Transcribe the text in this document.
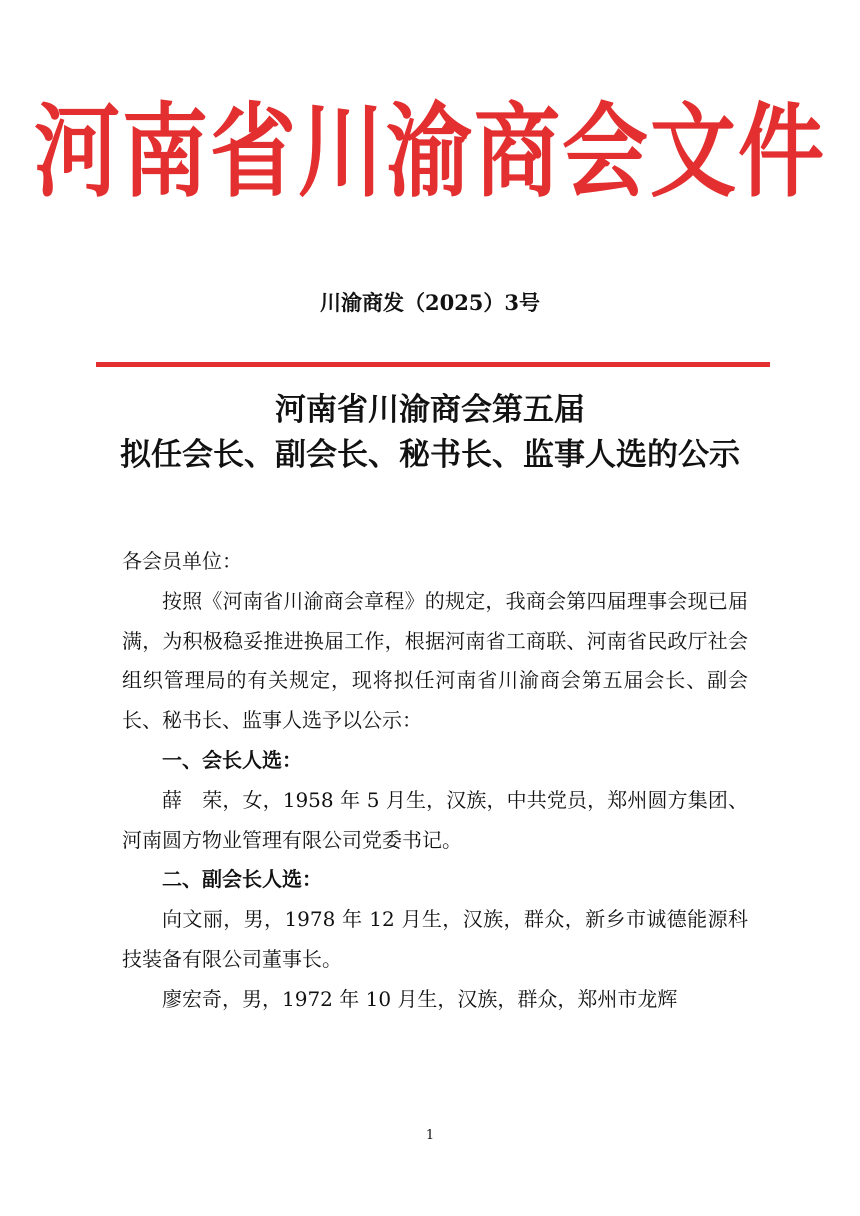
河南省川渝商会文件
川渝商发（2025）3号
河南省川渝商会第五届
拟任会长、副会长、秘书长、监事人选的公示

各会员单位：

按照《河南省川渝商会章程》的规定，我商会第四届理事会现已届满，为积极稳妥推进换届工作，根据河南省工商联、河南省民政厅社会组织管理局的有关规定，现将拟任河南省川渝商会第五届会长、副会长、秘书长、监事人选予以公示：

一、会长人选：

薛　荣，女，1958 年 5 月生，汉族，中共党员，郑州圆方集团、河南圆方物业管理有限公司党委书记。

二、副会长人选：

向文丽，男，1978 年 12 月生，汉族，群众，新乡市诚德能源科技装备有限公司董事长。

廖宏奇，男，1972 年 10 月生，汉族，群众，郑州市龙辉

1
